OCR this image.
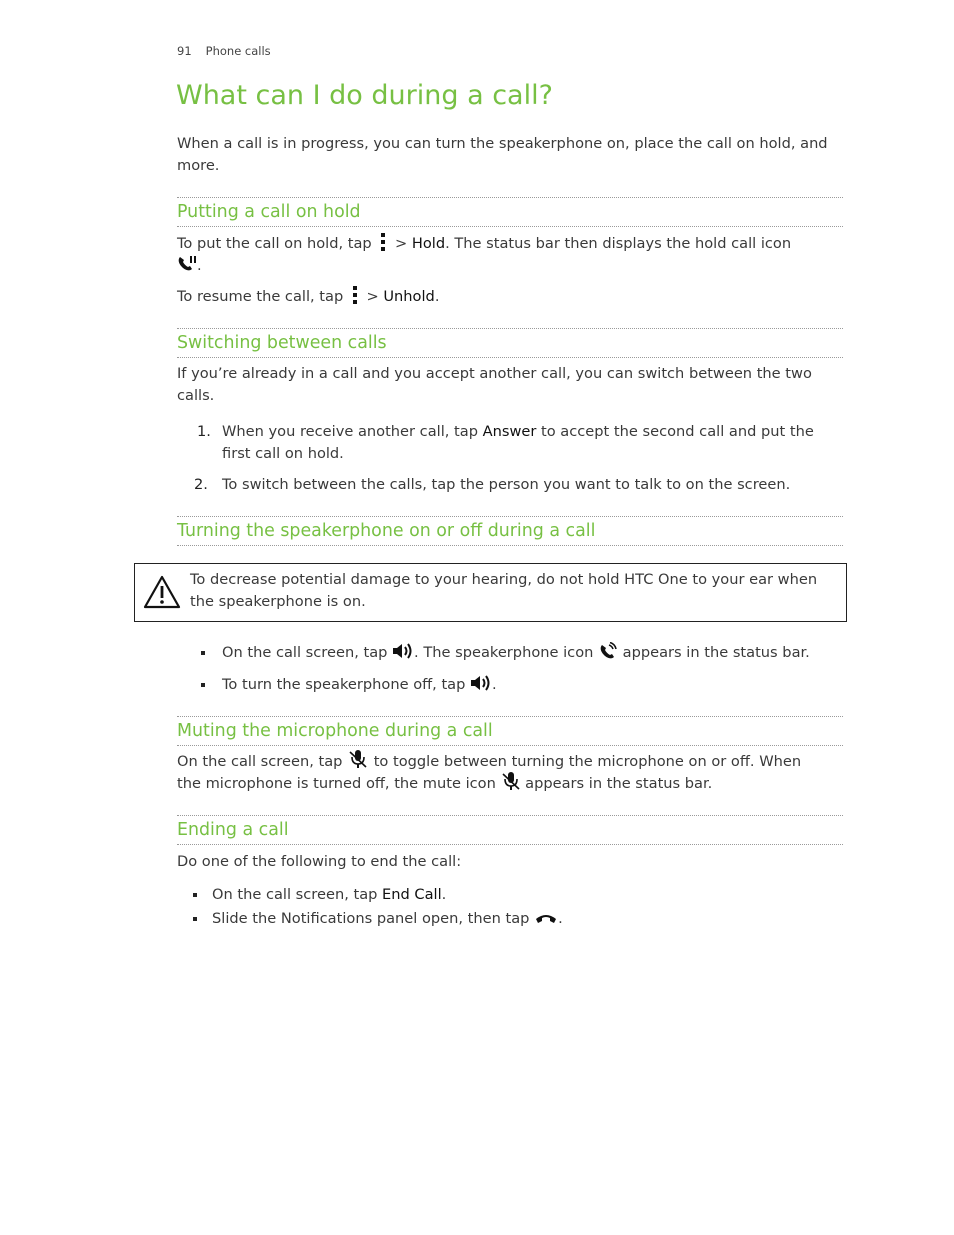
91 Phone calls
What can I do during a call?

When a call is in progress, you can turn the speakerphone on, place the call on hold, and more.

Putting a call on hold

To put the call on hold, tap > Hold. The status bar then displays the hold call icon
.

To resume the call, tap > Unhold.

Switching between calls

If you’re already in a call and you accept another call, you can switch between the two calls.

1. When you receive another call, tap Answer to accept the second call and put the first call on hold.
2. To switch between the calls, tap the person you want to talk to on the screen.
Turning the speakerphone on or off during a call
To decrease potential damage to your hearing, do not hold HTC One to your ear when the speakerphone is on.
On the call screen, tap . The speakerphone icon appears in the status bar.
To turn the speakerphone off, tap .
Muting the microphone during a call

On the call screen, tap to toggle between turning the microphone on or off. When
the microphone is turned off, the mute icon appears in the status bar.

Ending a call

Do one of the following to end the call:

On the call screen, tap End Call.
Slide the Notifications panel open, then tap .
